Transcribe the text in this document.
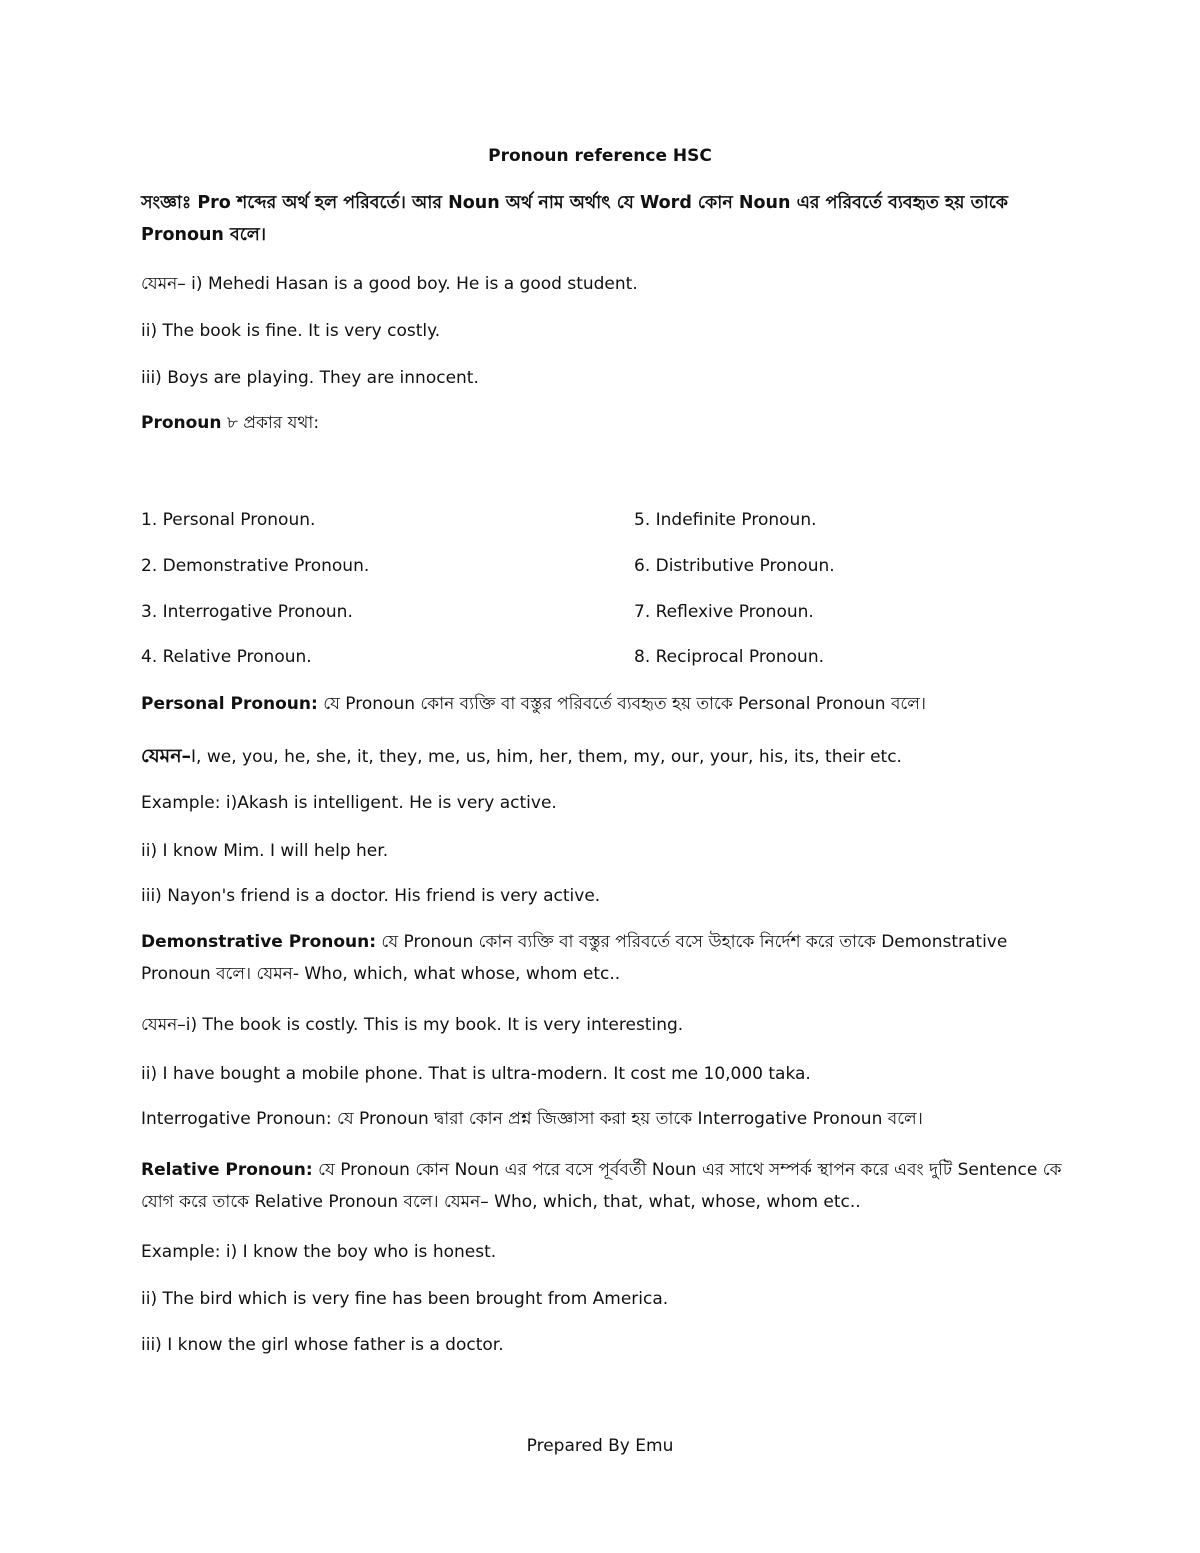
Pronoun reference HSC
সংজ্ঞাঃ Pro শব্দের অর্থ হল পরিবর্তে। আর Noun অর্থ নাম অর্থাৎ যে Word কোন Noun এর পরিবর্তে ব্যবহৃত হয় তাকে Pronoun বলে।
যেমন– i) Mehedi Hasan is a good boy. He is a good student.
ii) The book is fine. It is very costly.
iii) Boys are playing. They are innocent.
Pronoun ৮ প্রকার যথা:
1. Personal Pronoun.
2. Demonstrative Pronoun.
3. Interrogative Pronoun.
4. Relative Pronoun.
5. Indefinite Pronoun.
6. Distributive Pronoun.
7. Reflexive Pronoun.
8. Reciprocal Pronoun.
Personal Pronoun: যে Pronoun কোন ব্যক্তি বা বস্তুর পরিবর্তে ব্যবহৃত হয় তাকে Personal Pronoun বলে।
যেমন–I, we, you, he, she, it, they, me, us, him, her, them, my, our, your, his, its, their etc.
Example: i)Akash is intelligent. He is very active.
ii) I know Mim. I will help her.
iii) Nayon's friend is a doctor. His friend is very active.
Demonstrative Pronoun: যে Pronoun কোন ব্যক্তি বা বস্তুর পরিবর্তে বসে উহাকে নির্দেশ করে তাকে Demonstrative Pronoun বলে। যেমন- Who, which, what whose, whom etc..
যেমন–i) The book is costly. This is my book. It is very interesting.
ii) I have bought a mobile phone. That is ultra-modern. It cost me 10,000 taka.
Interrogative Pronoun: যে Pronoun দ্বারা কোন প্রশ্ন জিজ্ঞাসা করা হয় তাকে Interrogative Pronoun বলে।
Relative Pronoun: যে Pronoun কোন Noun এর পরে বসে পূর্ববর্তী Noun এর সাথে সম্পর্ক স্থাপন করে এবং দুটি Sentence কে যোগ করে তাকে Relative Pronoun বলে। যেমন– Who, which, that, what, whose, whom etc..
Example: i) I know the boy who is honest.
ii) The bird which is very fine has been brought from America.
iii) I know the girl whose father is a doctor.
Prepared By Emu
